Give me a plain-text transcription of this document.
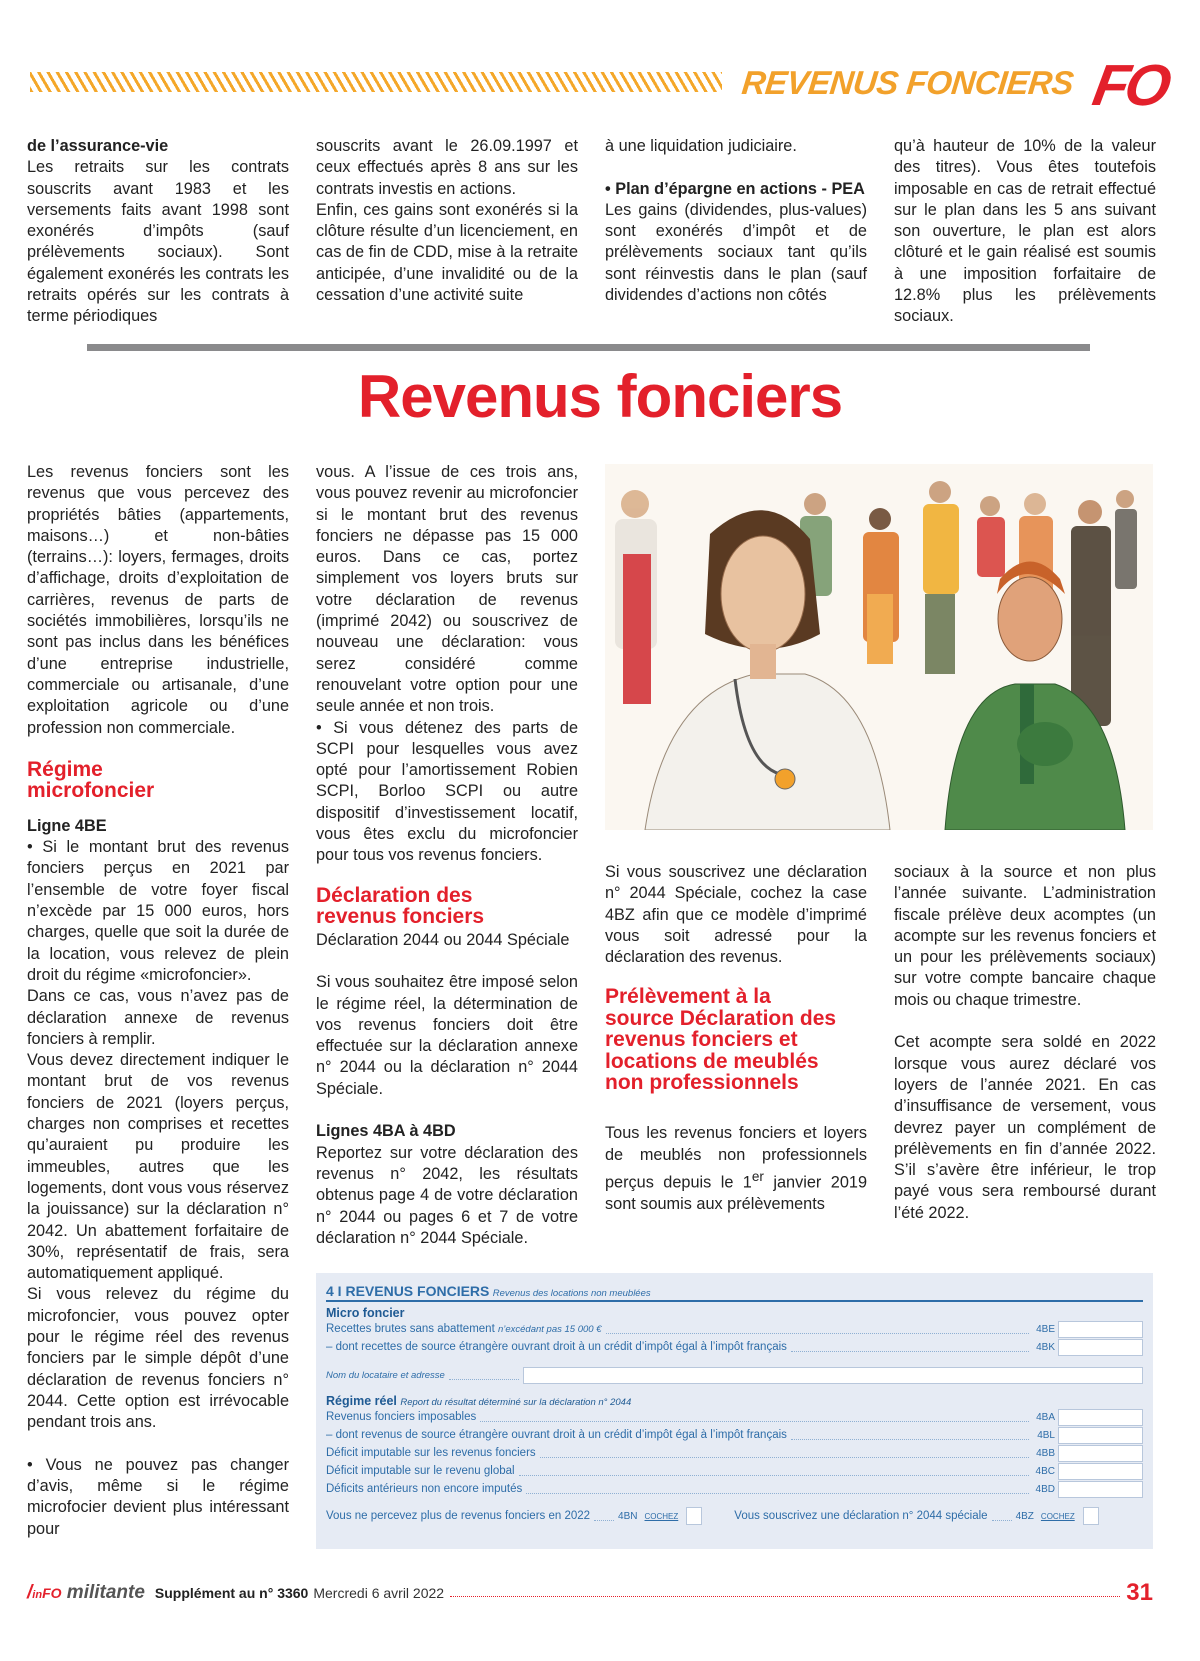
REVENUS FONCIERS FO

de l’assurance-vie

Les retraits sur les contrats souscrits avant 1983 et les versements faits avant 1998 sont exonérés d’impôts (sauf prélèvements sociaux). Sont également exonérés les contrats les retraits opérés sur les contrats à terme périodiques

souscrits avant le 26.09.1997 et ceux effectués après 8 ans sur les contrats investis en actions.

Enfin, ces gains sont exonérés si la clôture résulte d’un licenciement, en cas de fin de CDD, mise à la retraite anticipée, d’une invalidité ou de la cessation d’une activité suite

à une liquidation judiciaire.

• Plan d’épargne en actions - PEA

Les gains (dividendes, plus-values) sont exonérés d’impôt et de prélèvements sociaux tant qu’ils sont réinvestis dans le plan (sauf dividendes d’actions non côtés

qu’à hauteur de 10% de la valeur des titres). Vous êtes toutefois imposable en cas de retrait effectué sur le plan dans les 5 ans suivant son ouverture, le plan est alors clôturé et le gain réalisé est soumis à une imposition forfaitaire de 12.8% plus les prélèvements sociaux.

Revenus fonciers

Les revenus fonciers sont les revenus que vous percevez des propriétés bâties (appartements, maisons…) et non-bâties (terrains…): loyers, fermages, droits d’affichage, droits d’exploitation de carrières, revenus de parts de sociétés immobilières, lorsqu’ils ne sont pas inclus dans les bénéfices d’une entreprise industrielle, commerciale ou artisanale, d’une exploitation agricole ou d’une profession non commerciale.

Régime microfoncier

Ligne 4BE

• Si le montant brut des revenus fonciers perçus en 2021 par l’ensemble de votre foyer fiscal n’excède par 15 000 euros, hors charges, quelle que soit la durée de la location, vous relevez de plein droit du régime «microfoncier».

Dans ce cas, vous n’avez pas de déclaration annexe de revenus fonciers à remplir.

Vous devez directement indiquer le montant brut de vos revenus fonciers de 2021 (loyers perçus, charges non comprises et recettes qu’auraient pu produire les immeubles, autres que les logements, dont vous vous réservez la jouissance) sur la déclaration n° 2042. Un abattement forfaitaire de 30%, représentatif de frais, sera automatiquement appliqué.

Si vous relevez du régime du microfoncier, vous pouvez opter pour le régime réel des revenus fonciers par le simple dépôt d’une déclaration de revenus fonciers n° 2044. Cette option est irrévocable pendant trois ans.

• Vous ne pouvez pas changer d’avis, même si le régime microfocier devient plus intéressant pour

vous. A l’issue de ces trois ans, vous pouvez revenir au microfoncier si le montant brut des revenus fonciers ne dépasse pas 15 000 euros. Dans ce cas, portez simplement vos loyers bruts sur votre déclaration de revenus (imprimé 2042) ou souscrivez de nouveau une déclaration: vous serez considéré comme renouvelant votre option pour une seule année et non trois.

• Si vous détenez des parts de SCPI pour lesquelles vous avez opté pour l’amortissement Robien SCPI, Borloo SCPI ou autre dispositif d’investissement locatif, vous êtes exclu du microfoncier pour tous vos revenus fonciers.

Déclaration des revenus fonciers

Déclaration 2044 ou 2044 Spéciale

Si vous souhaitez être imposé selon le régime réel, la détermination de vos revenus fonciers doit être effectuée sur la déclaration annexe n° 2044 ou la déclaration n° 2044 Spéciale.

Lignes 4BA à 4BD

Reportez sur votre déclaration des revenus n° 2042, les résultats obtenus page 4 de votre déclaration n° 2044 ou pages 6 et 7 de votre déclaration n° 2044 Spéciale.

Si vous souscrivez une déclaration n° 2044 Spéciale, cochez la case 4BZ afin que ce modèle d’imprimé vous soit adressé pour la déclaration des revenus.

Prélèvement à la source Déclaration des revenus fonciers et locations de meublés non professionnels

Tous les revenus fonciers et loyers de meublés non professionnels perçus depuis le 1er janvier 2019 sont soumis aux prélèvements

sociaux à la source et non plus l’année suivante. L’administration fiscale prélève deux acomptes (un acompte sur les revenus fonciers et un pour les prélèvements sociaux) sur votre compte bancaire chaque mois ou chaque trimestre.

Cet acompte sera soldé en 2022 lorsque vous aurez déclaré vos loyers de l’année 2021. En cas d’insuffisance de versement, vous devrez payer un complément de prélèvements en fin d’année 2022. S’il s’avère être inférieur, le trop payé vous sera remboursé durant l’été 2022.

4 I REVENUS FONCIERS Revenus des locations non meublées
Micro foncier
Recettes brutes sans abattement n’excédant pas 15 000 €	4BE
– dont recettes de source étrangère ouvrant droit à un crédit d’impôt égal à l’impôt français	4BK
Nom du locataire et adresse
Régime réel Report du résultat déterminé sur la déclaration n° 2044
Revenus fonciers imposables	4BA
– dont revenus de source étrangère ouvrant droit à un crédit d’impôt égal à l’impôt français	4BL
Déficit imputable sur les revenus fonciers	4BB
Déficit imputable sur le revenu global	4BC
Déficits antérieurs non encore imputés	4BD
Vous ne percevez plus de revenus fonciers en 2022	4BN COCHEZ	Vous souscrivez une déclaration n° 2044 spéciale	4BZ COCHEZ
/inFO militante Supplément au n° 3360 Mercredi 6 avril 2022	31
